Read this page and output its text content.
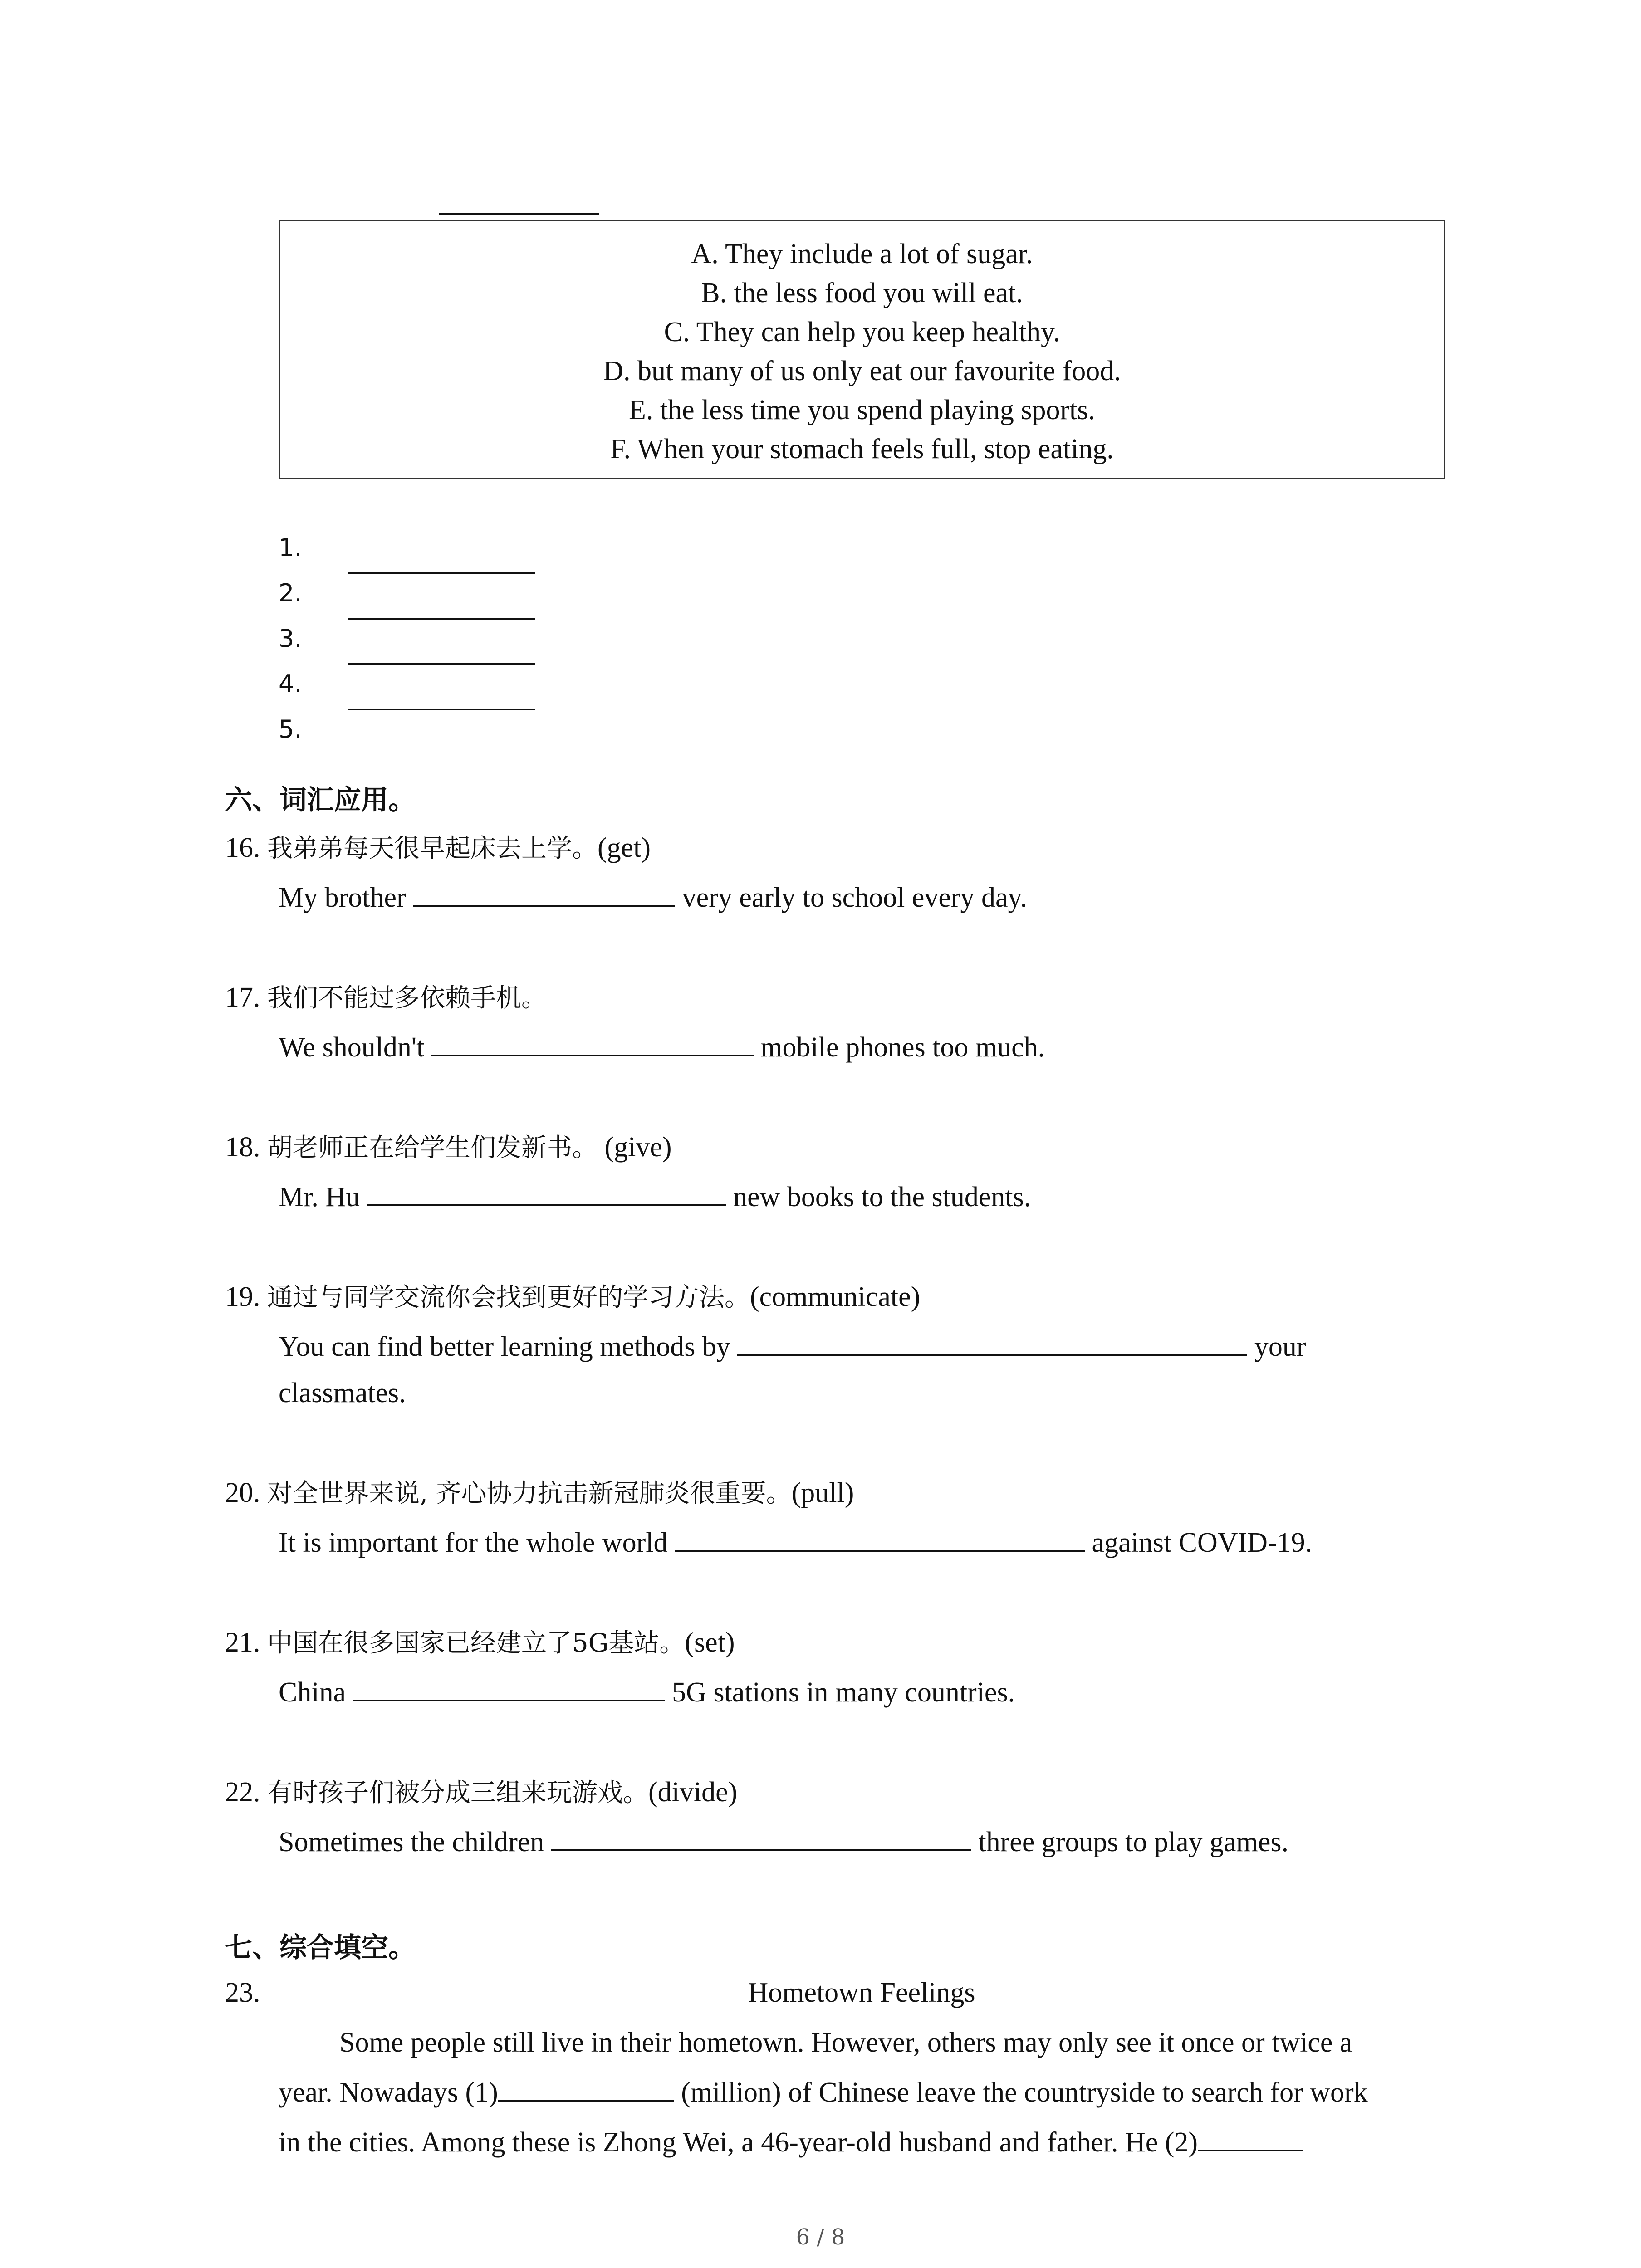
A. They include a lot of sugar.
B. the less food you will eat.
C. They can help you keep healthy.
D. but many of us only eat our favourite food.
E. the less time you spend playing sports.
F. When your stomach feels full, stop eating.
1.
2.
3.
4.
5.
六、词汇应用。
16. 我弟弟每天很早起床去上学。(get)
My brother	very early to school every day.
17. 我们不能过多依赖手机。
We shouldn't	mobile phones too much.
18. 胡老师正在给学生们发新书。 (give)
Mr. Hu	new books to the students.
19. 通过与同学交流你会找到更好的学习方法。(communicate)
You can find better learning methods by	your
classmates.
20. 对全世界来说, 齐心协力抗击新冠肺炎很重要。(pull)
It is important for the whole world	against COVID-19.
21. 中国在很多国家已经建立了5G基站。(set)
China	5G stations in many countries.
22. 有时孩子们被分成三组来玩游戏。(divide)
Sometimes the children	three groups to play games.
七、综合填空。
23.	Hometown Feelings
Some people still live in their hometown. However, others may only see it once or twice a
year. Nowadays (1)	(million) of Chinese leave the countryside to search for work
in the cities. Among these is Zhong Wei, a 46-year-old husband and father. He (2)
6 / 8
